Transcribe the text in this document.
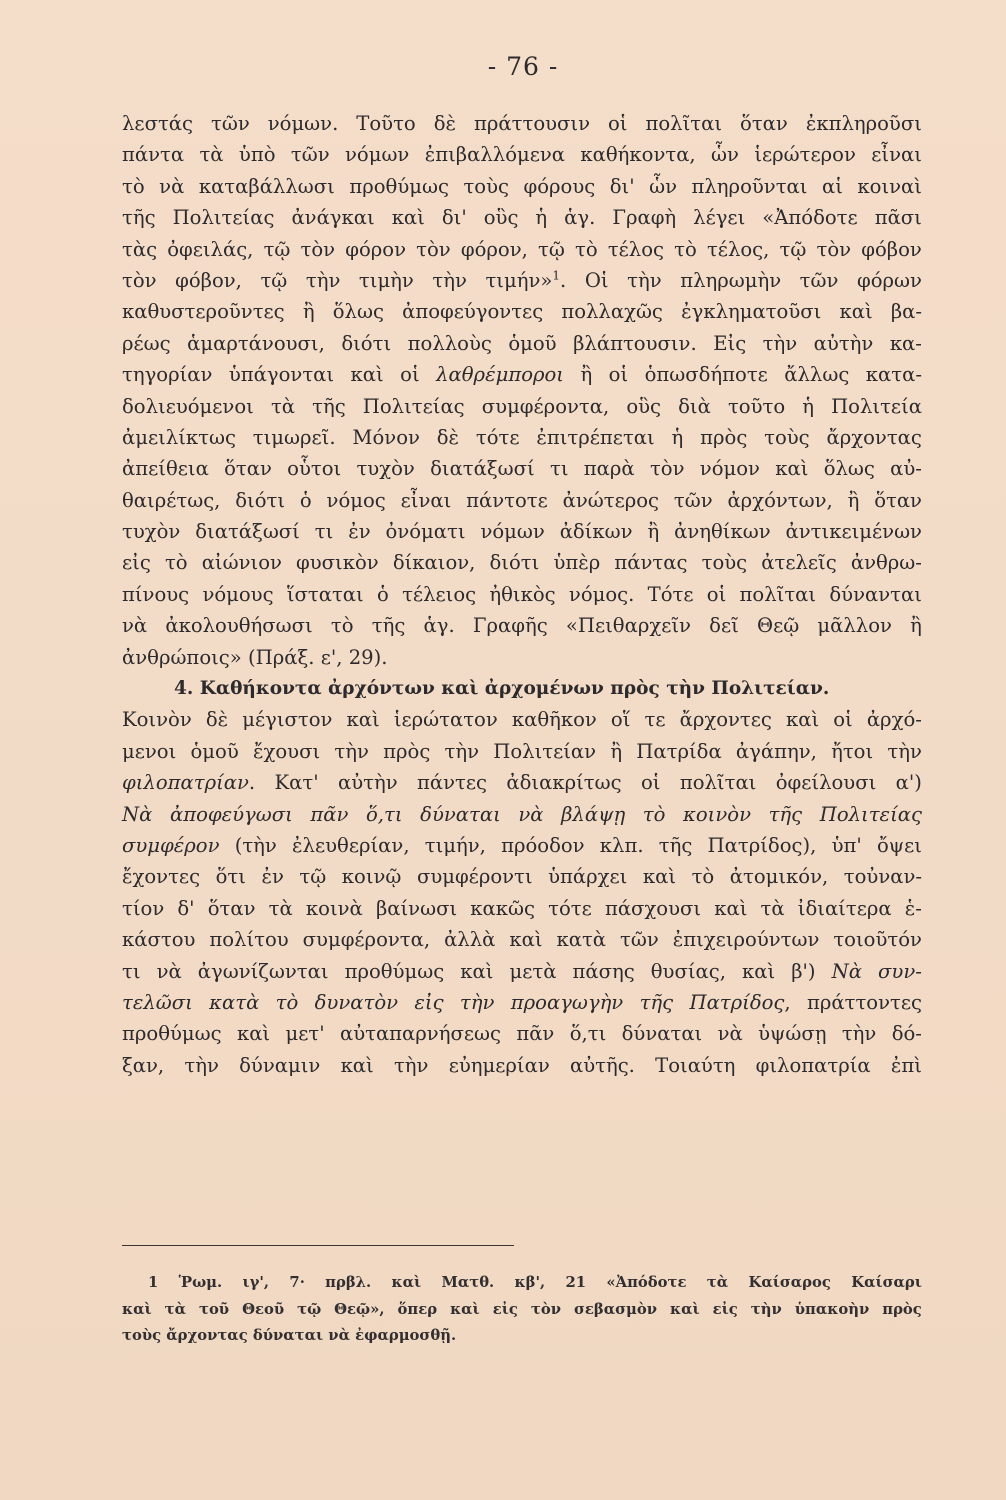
- 76 -
λεστάς τῶν νόμων. Τοῦτο δὲ πράττουσιν οἱ πολῖται ὅταν ἐκπληροῦσι
πάντα τὰ ὑπὸ τῶν νόμων ἐπιβαλλόμενα καθήκοντα, ὧν ἱερώτερον εἶναι
τὸ νὰ καταβάλλωσι προθύμως τοὺς φόρους δι' ὧν πληροῦνται αἱ κοιναὶ
τῆς Πολιτείας ἀνάγκαι καὶ δι' οὓς ἡ ἁγ. Γραφὴ λέγει «Ἀπόδοτε πᾶσι
τὰς ὀφειλάς, τῷ τὸν φόρον τὸν φόρον, τῷ τὸ τέλος τὸ τέλος, τῷ τὸν φόβον
τὸν φόβον, τῷ τὴν τιμὴν τὴν τιμήν»$^1$. Οἱ τὴν πληρωμὴν τῶν φόρων
καθυστεροῦντες ἢ ὅλως ἀποφεύγοντες πολλαχῶς ἐγκληματοῦσι καὶ βα-
ρέως ἁμαρτάνουσι, διότι πολλοὺς ὁμοῦ βλάπτουσιν. Εἰς τὴν αὐτὴν κα-
τηγορίαν ὑπάγονται καὶ οἱ λαθρέμποροι ἢ οἱ ὁπωσδήποτε ἄλλως κατα-
δολιευόμενοι τὰ τῆς Πολιτείας συμφέροντα, οὓς διὰ τοῦτο ἡ Πολιτεία
ἀμειλίκτως τιμωρεῖ. Μόνον δὲ τότε ἐπιτρέπεται ἡ πρὸς τοὺς ἄρχοντας
ἀπείθεια ὅταν οὗτοι τυχὸν διατάξωσί τι παρὰ τὸν νόμον καὶ ὅλως αὐ-
θαιρέτως, διότι ὁ νόμος εἶναι πάντοτε ἀνώτερος τῶν ἀρχόντων, ἢ ὅταν
τυχὸν διατάξωσί τι ἐν ὀνόματι νόμων ἀδίκων ἢ ἀνηθίκων ἀντικειμένων
εἰς τὸ αἰώνιον φυσικὸν δίκαιον, διότι ὑπὲρ πάντας τοὺς ἀτελεῖς ἀνθρω-
πίνους νόμους ἵσταται ὁ τέλειος ἠθικὸς νόμος. Τότε οἱ πολῖται δύνανται
νὰ ἀκολουθήσωσι τὸ τῆς ἁγ. Γραφῆς «Πειθαρχεῖν δεῖ Θεῷ μᾶλλον ἢ
ἀνθρώποις» (Πράξ. ε', 29).
4. Καθήκοντα ἀρχόντων καὶ ἀρχομένων πρὸς τὴν Πολιτείαν.
Κοινὸν δὲ μέγιστον καὶ ἱερώτατον καθῆκον οἵ τε ἄρχοντες καὶ οἱ ἀρχό-
μενοι ὁμοῦ ἔχουσι τὴν πρὸς τὴν Πολιτείαν ἢ Πατρίδα ἀγάπην, ἤτοι τὴν
φιλοπατρίαν. Κατ' αὐτὴν πάντες ἀδιακρίτως οἱ πολῖται ὀφείλουσι α')
Νὰ ἀποφεύγωσι πᾶν ὅ,τι δύναται νὰ βλάψῃ τὸ κοινὸν τῆς Πολιτείας
συμφέρον (τὴν ἐλευθερίαν, τιμήν, πρόοδον κλπ. τῆς Πατρίδος), ὑπ' ὄψει
ἔχοντες ὅτι ἐν τῷ κοινῷ συμφέροντι ὑπάρχει καὶ τὸ ἀτομικόν, τοὐναν-
τίον δ' ὅταν τὰ κοινὰ βαίνωσι κακῶς τότε πάσχουσι καὶ τὰ ἰδιαίτερα ἑ-
κάστου πολίτου συμφέροντα, ἀλλὰ καὶ κατὰ τῶν ἐπιχειρούντων τοιοῦτόν
τι νὰ ἀγωνίζωνται προθύμως καὶ μετὰ πάσης θυσίας, καὶ β') Νὰ συν-
τελῶσι κατὰ τὸ δυνατὸν εἰς τὴν προαγωγὴν τῆς Πατρίδος, πράττοντες
προθύμως καὶ μετ' αὐταπαρνήσεως πᾶν ὅ,τι δύναται νὰ ὑψώσῃ τὴν δό-
ξαν, τὴν δύναμιν καὶ τὴν εὐημερίαν αὐτῆς. Τοιαύτη φιλοπατρία ἐπὶ
1 Ῥωμ. ιγ', 7· πρβλ. καὶ Ματθ. κβ', 21 «Ἀπόδοτε τὰ Καίσαρος Καίσαρι
καὶ τὰ τοῦ Θεοῦ τῷ Θεῷ», ὅπερ καὶ εἰς τὸν σεβασμὸν καὶ εἰς τὴν ὑπακοὴν πρὸς
τοὺς ἄρχοντας δύναται νὰ ἐφαρμοσθῇ.
